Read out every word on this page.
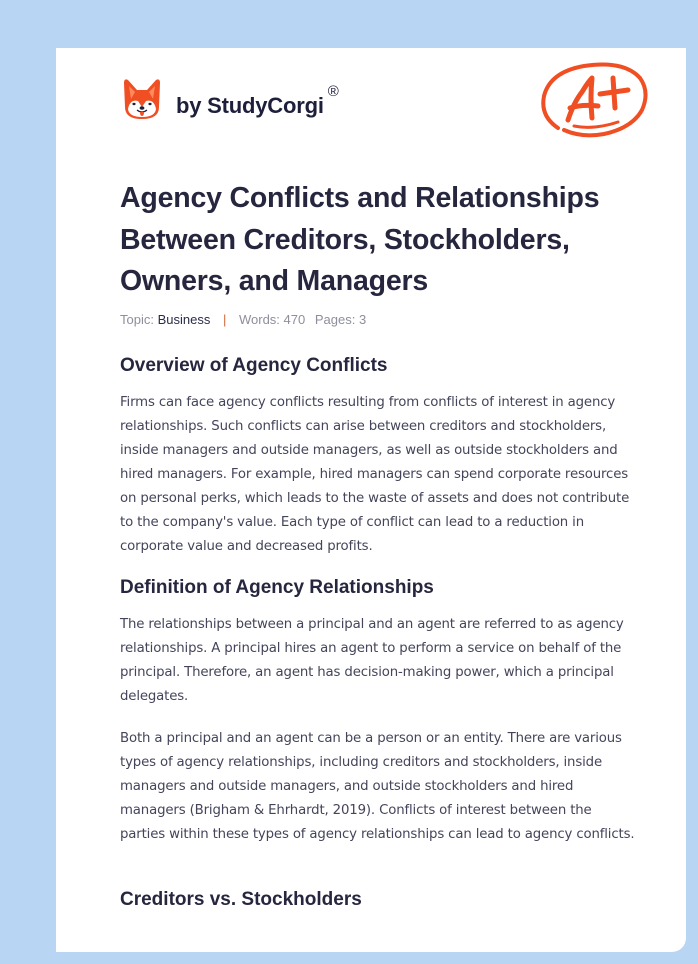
by StudyCorgi
®
Agency Conflicts and Relationships Between Creditors, Stockholders, Owners, and Managers
Topic: Business | Words: 470 Pages: 3
Overview of Agency Conflicts

Firms can face agency conflicts resulting from conflicts of interest in agency relationships. Such conflicts can arise between creditors and stockholders, inside managers and outside managers, as well as outside stockholders and hired managers. For example, hired managers can spend corporate resources on personal perks, which leads to the waste of assets and does not contribute to the company's value. Each type of conflict can lead to a reduction in corporate value and decreased profits.

Definition of Agency Relationships

The relationships between a principal and an agent are referred to as agency relationships. A principal hires an agent to perform a service on behalf of the principal. Therefore, an agent has decision-making power, which a principal delegates.

Both a principal and an agent can be a person or an entity. There are various types of agency relationships, including creditors and stockholders, inside managers and outside managers, and outside stockholders and hired managers (Brigham & Ehrhardt, 2019). Conflicts of interest between the parties within these types of agency relationships can lead to agency conflicts.

Creditors vs. Stockholders
